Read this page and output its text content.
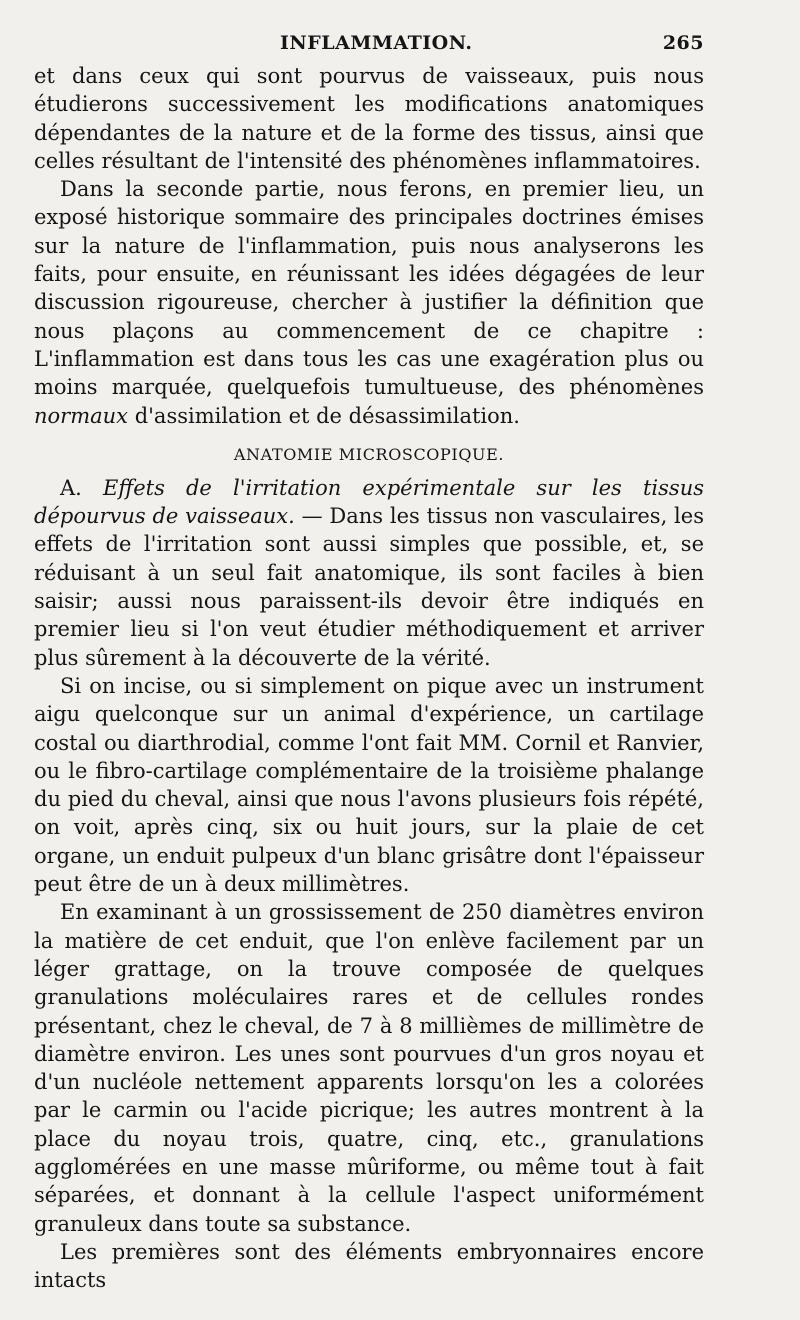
INFLAMMATION.	265

et dans ceux qui sont pourvus de vaisseaux, puis nous étudierons successivement les modifications anatomiques dépendantes de la nature et de la forme des tissus, ainsi que celles résultant de l'intensité des phénomènes inflammatoires.

Dans la seconde partie, nous ferons, en premier lieu, un exposé historique sommaire des principales doctrines émises sur la nature de l'inflammation, puis nous analyserons les faits, pour ensuite, en réunissant les idées dégagées de leur discussion rigoureuse, chercher à justifier la définition que nous plaçons au commencement de ce chapitre : L'inflammation est dans tous les cas une exagération plus ou moins marquée, quelquefois tumultueuse, des phénomènes normaux d'assimilation et de désassimilation.

ANATOMIE MICROSCOPIQUE.

A. Effets de l'irritation expérimentale sur les tissus dépourvus de vaisseaux. — Dans les tissus non vasculaires, les effets de l'irritation sont aussi simples que possible, et, se réduisant à un seul fait anatomique, ils sont faciles à bien saisir; aussi nous paraissent-ils devoir être indiqués en premier lieu si l'on veut étudier méthodiquement et arriver plus sûrement à la découverte de la vérité.

Si on incise, ou si simplement on pique avec un instrument aigu quelconque sur un animal d'expérience, un cartilage costal ou diarthrodial, comme l'ont fait MM. Cornil et Ranvier, ou le fibro-cartilage complémentaire de la troisième phalange du pied du cheval, ainsi que nous l'avons plusieurs fois répété, on voit, après cinq, six ou huit jours, sur la plaie de cet organe, un enduit pulpeux d'un blanc grisâtre dont l'épaisseur peut être de un à deux millimètres.

En examinant à un grossissement de 250 diamètres environ la matière de cet enduit, que l'on enlève facilement par un léger grattage, on la trouve composée de quelques granulations moléculaires rares et de cellules rondes présentant, chez le cheval, de 7 à 8 millièmes de millimètre de diamètre environ. Les unes sont pourvues d'un gros noyau et d'un nucléole nettement apparents lorsqu'on les a colorées par le carmin ou l'acide picrique; les autres montrent à la place du noyau trois, quatre, cinq, etc., granulations agglomérées en une masse mûriforme, ou même tout à fait séparées, et donnant à la cellule l'aspect uniformément granuleux dans toute sa substance.

Les premières sont des éléments embryonnaires encore intacts
